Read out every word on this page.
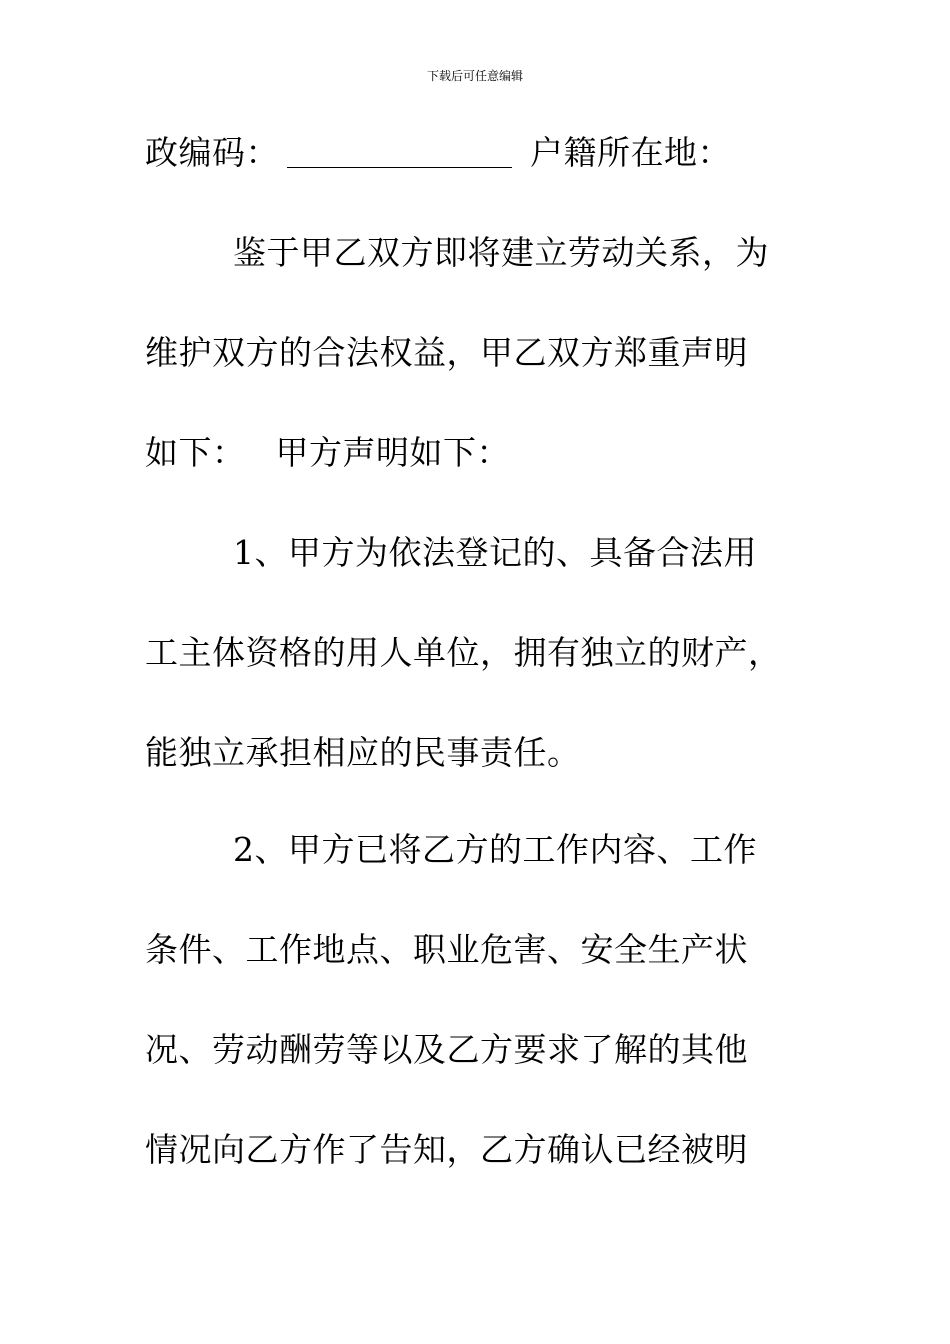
下载后可任意编辑
政编码：	户籍所在地：
鉴于甲乙双方即将建立劳动关系，为
维护双方的合法权益，甲乙双方郑重声明
如下： 甲方声明如下：
1、甲方为依法登记的、具备合法用
工主体资格的用人单位，拥有独立的财产，
能独立承担相应的民事责任。
2、甲方已将乙方的工作内容、工作
条件、工作地点、职业危害、安全生产状
况、劳动酬劳等以及乙方要求了解的其他
情况向乙方作了告知，乙方确认已经被明
